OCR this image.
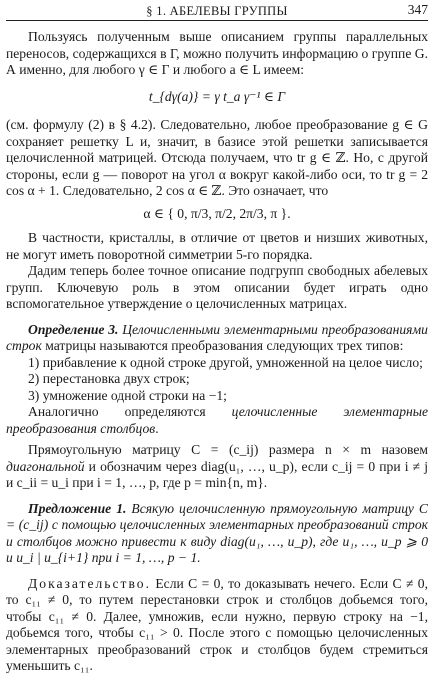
§ 1. АБЕЛЕВЫ ГРУППЫ	347

Пользуясь полученным выше описанием группы параллельных переносов, содержащихся в Γ, можно получить информацию о группе G. А именно, для любого γ ∈ Γ и любого a ∈ L имеем:

t_{dγ(a)} = γ t_a γ⁻¹ ∈ Γ

(см. формулу (2) в § 4.2). Следовательно, любое преобразование g ∈ G сохраняет решетку L и, значит, в базисе этой решетки записывается целочисленной матрицей. Отсюда получаем, что tr g ∈ ℤ. Но, с другой стороны, если g — поворот на угол α вокруг какой-либо оси, то tr g = 2 cos α + 1. Следовательно, 2 cos α ∈ ℤ. Это означает, что

α ∈ { 0, π/3, π/2, 2π/3, π }.

В частности, кристаллы, в отличие от цветов и низших животных, не могут иметь поворотной симметрии 5-го порядка.

Дадим теперь более точное описание подгрупп свободных абелевых групп. Ключевую роль в этом описании будет играть одно вспомогательное утверждение о целочисленных матрицах.

Определение 3. Целочисленными элементарными преобразованиями строк матрицы называются преобразования следующих трех типов:

1) прибавление к одной строке другой, умноженной на целое число;

2) перестановка двух строк;

3) умножение одной строки на −1;

Аналогично определяются целочисленные элементарные преобразования столбцов.

Прямоугольную матрицу C = (c_ij) размера n × m назовем диагональной и обозначим через diag(u₁, …, u_p), если c_ij = 0 при i ≠ j и c_ii = u_i при i = 1, …, p, где p = min{n, m}.

Предложение 1. Всякую целочисленную прямоугольную матрицу C = (c_ij) с помощью целочисленных элементарных преобразований строк и столбцов можно привести к виду diag(u₁, …, u_p), где u₁, …, u_p ⩾ 0 и u_i | u_{i+1} при i = 1, …, p − 1.

Доказательство. Если C = 0, то доказывать нечего. Если C ≠ 0, то c₁₁ ≠ 0, то путем перестановки строк и столбцов добьемся того, чтобы c₁₁ ≠ 0. Далее, умножив, если нужно, первую строку на −1, добьемся того, чтобы c₁₁ > 0. После этого с помощью целочисленных элементарных преобразований строк и столбцов будем стремиться уменьшить c₁₁.
